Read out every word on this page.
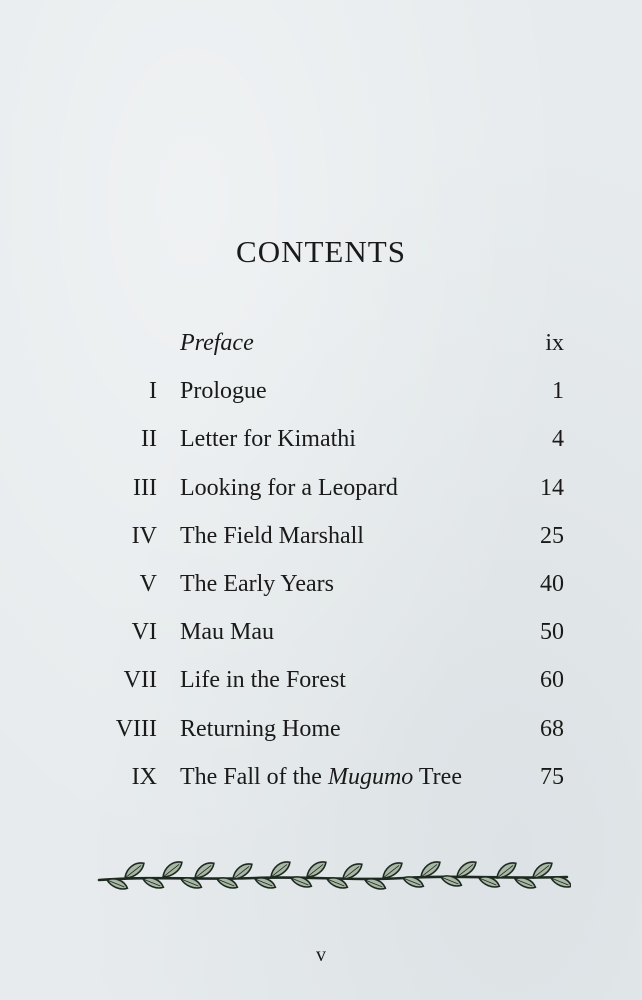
CONTENTS
Preface	ix
I Prologue	1
II Letter for Kimathi	4
III Looking for a Leopard	14
IV The Field Marshall	25
V The Early Years	40
VI Mau Mau	50
VII Life in the Forest	60
VIII Returning Home	68
IX The Fall of the Mugumo Tree	75
v
